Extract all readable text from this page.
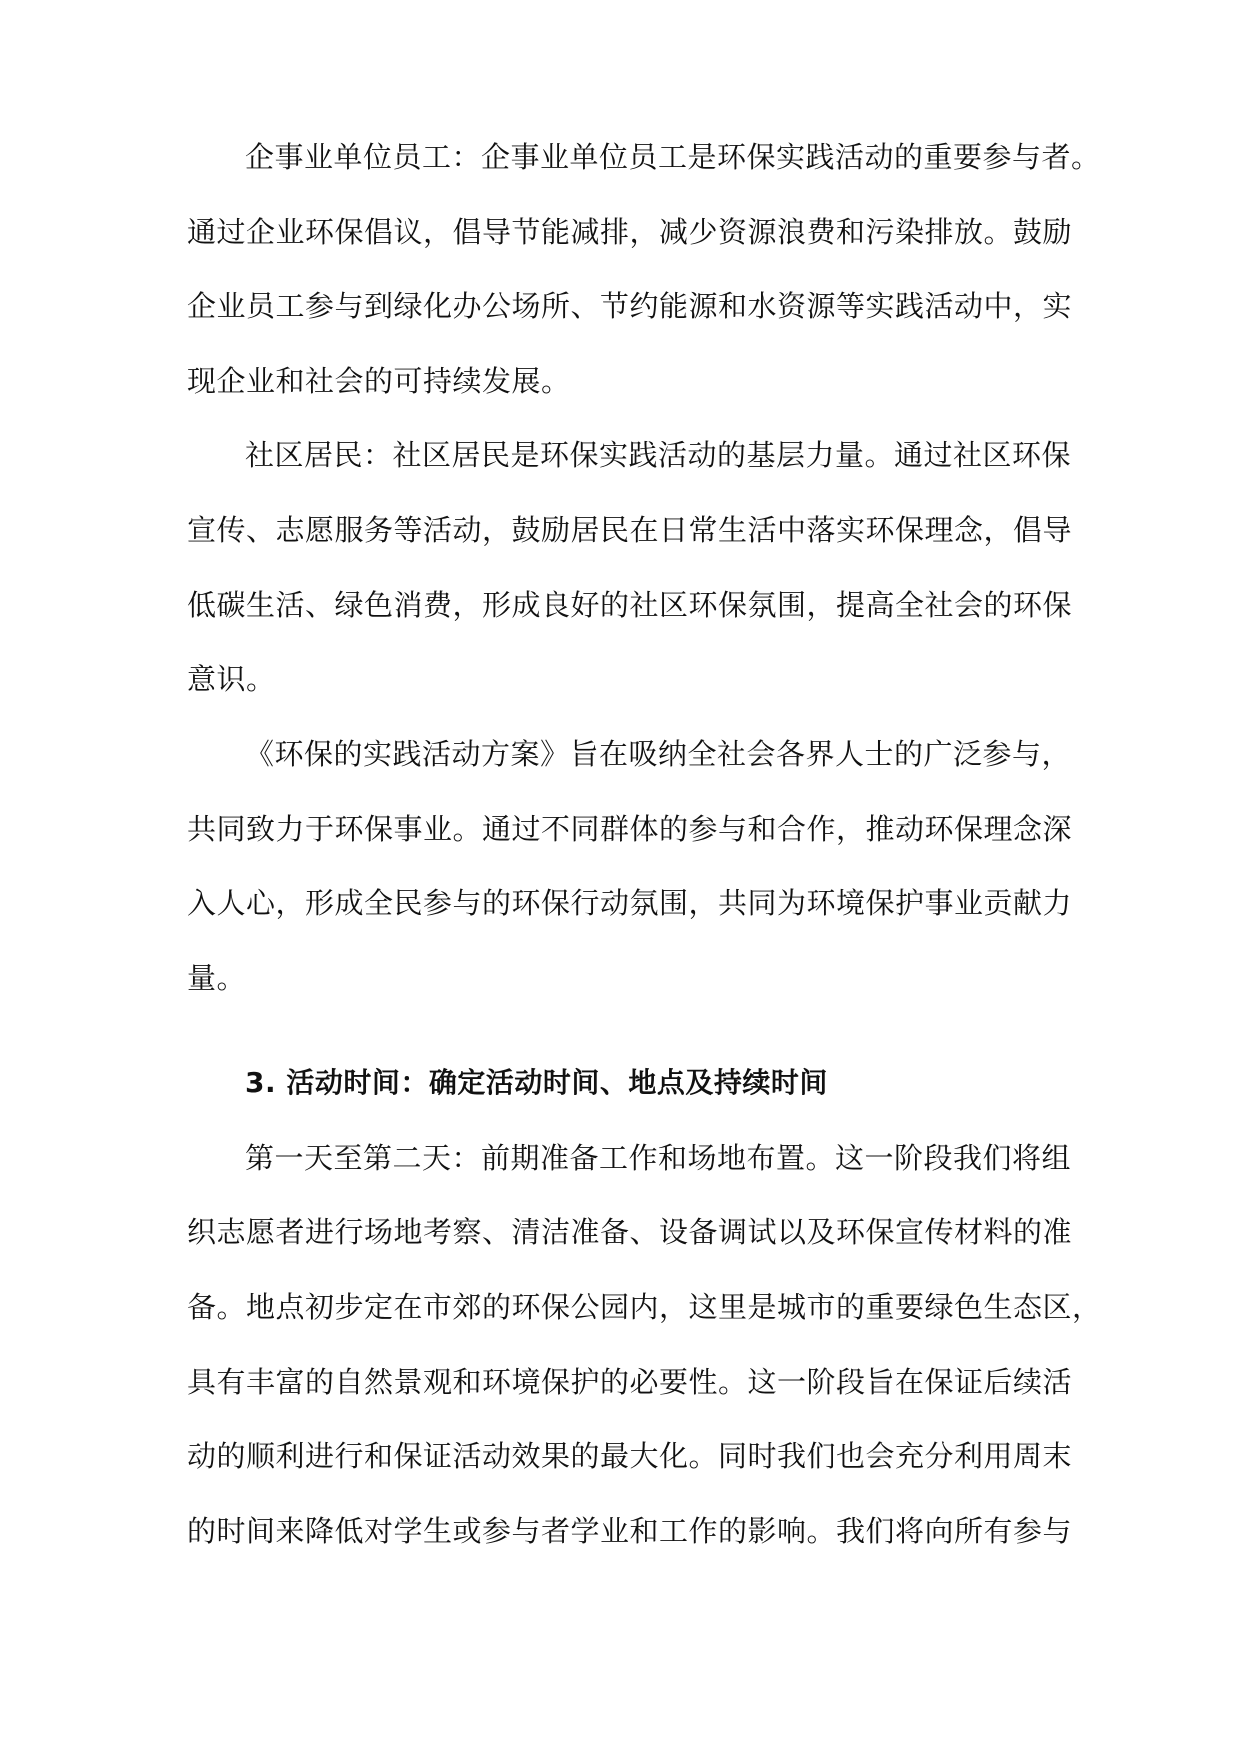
企事业单位员工：企事业单位员工是环保实践活动的重要参与者。
通过企业环保倡议，倡导节能减排，减少资源浪费和污染排放。鼓励
企业员工参与到绿化办公场所、节约能源和水资源等实践活动中，实
现企业和社会的可持续发展。
社区居民：社区居民是环保实践活动的基层力量。通过社区环保
宣传、志愿服务等活动，鼓励居民在日常生活中落实环保理念，倡导
低碳生活、绿色消费，形成良好的社区环保氛围，提高全社会的环保
意识。
《环保的实践活动方案》旨在吸纳全社会各界人士的广泛参与，
共同致力于环保事业。通过不同群体的参与和合作，推动环保理念深
入人心，形成全民参与的环保行动氛围，共同为环境保护事业贡献力
量。
3. 活动时间：确定活动时间、地点及持续时间
第一天至第二天：前期准备工作和场地布置。这一阶段我们将组
织志愿者进行场地考察、清洁准备、设备调试以及环保宣传材料的准
备。地点初步定在市郊的环保公园内，这里是城市的重要绿色生态区，
具有丰富的自然景观和环境保护的必要性。这一阶段旨在保证后续活
动的顺利进行和保证活动效果的最大化。同时我们也会充分利用周末
的时间来降低对学生或参与者学业和工作的影响。我们将向所有参与
